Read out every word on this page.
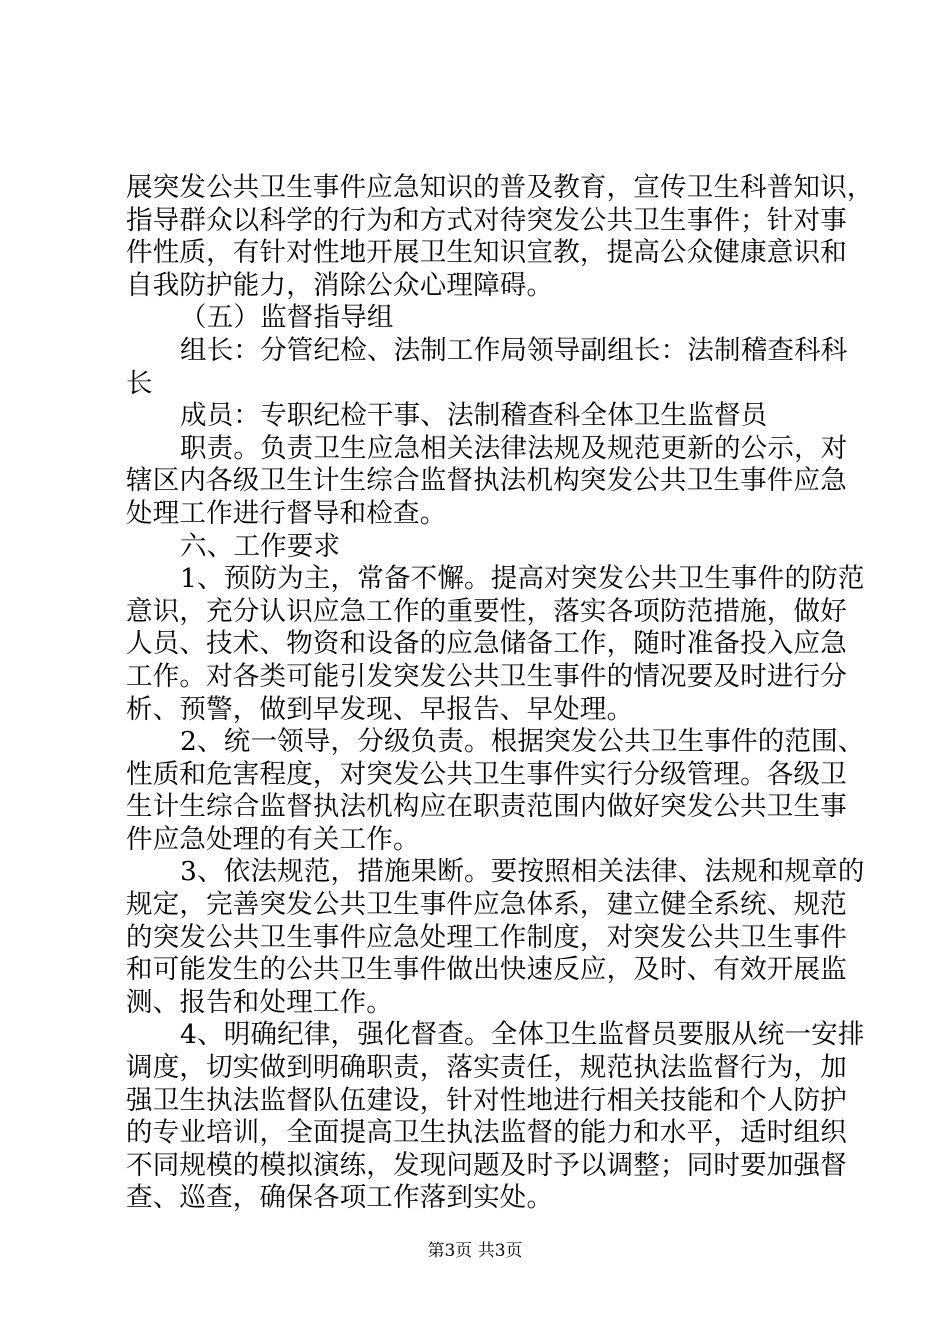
展突发公共卫生事件应急知识的普及教育，宣传卫生科普知识，
指导群众以科学的行为和方式对待突发公共卫生事件；针对事
件性质，有针对性地开展卫生知识宣教，提高公众健康意识和
自我防护能力，消除公众心理障碍。
（五）监督指导组
组长：分管纪检、法制工作局领导副组长：法制稽查科科
长
成员：专职纪检干事、法制稽查科全体卫生监督员
职责。负责卫生应急相关法律法规及规范更新的公示，对
辖区内各级卫生计生综合监督执法机构突发公共卫生事件应急
处理工作进行督导和检查。
六、工作要求
1、预防为主，常备不懈。提高对突发公共卫生事件的防范
意识，充分认识应急工作的重要性，落实各项防范措施，做好
人员、技术、物资和设备的应急储备工作，随时准备投入应急
工作。对各类可能引发突发公共卫生事件的情况要及时进行分
析、预警，做到早发现、早报告、早处理。
2、统一领导，分级负责。根据突发公共卫生事件的范围、
性质和危害程度，对突发公共卫生事件实行分级管理。各级卫
生计生综合监督执法机构应在职责范围内做好突发公共卫生事
件应急处理的有关工作。
3、依法规范，措施果断。要按照相关法律、法规和规章的
规定，完善突发公共卫生事件应急体系，建立健全系统、规范
的突发公共卫生事件应急处理工作制度，对突发公共卫生事件
和可能发生的公共卫生事件做出快速反应，及时、有效开展监
测、报告和处理工作。
4、明确纪律，强化督查。全体卫生监督员要服从统一安排
调度，切实做到明确职责，落实责任，规范执法监督行为，加
强卫生执法监督队伍建设，针对性地进行相关技能和个人防护
的专业培训，全面提高卫生执法监督的能力和水平，适时组织
不同规模的模拟演练，发现问题及时予以调整；同时要加强督
查、巡查，确保各项工作落到实处。
第3页 共3页
